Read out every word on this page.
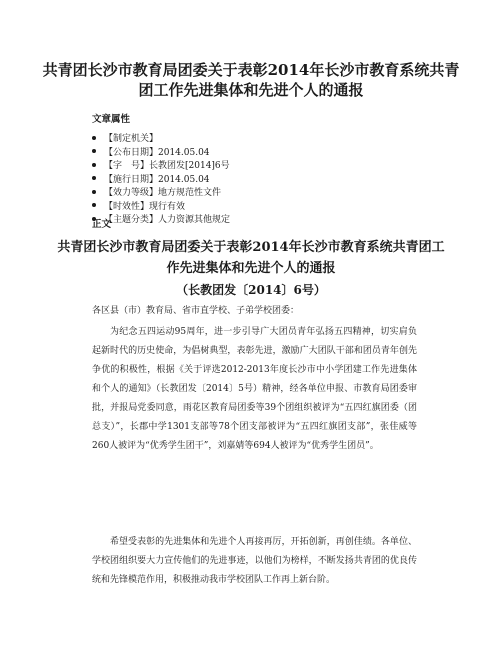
共青团长沙市教育局团委关于表彰2014年长沙市教育系统共青团工作先进集体和先进个人的通报
文章属性
【制定机关】
【公布日期】2014.05.04
【字　号】长教团发[2014]6号
【施行日期】2014.05.04
【效力等级】地方规范性文件
【时效性】现行有效
【主题分类】人力资源其他规定
正文
共青团长沙市教育局团委关于表彰2014年长沙市教育系统共青团工作先进集体和先进个人的通报
（长教团发〔2014〕6号）

各区县（市）教育局、省市直学校、子弟学校团委：

为纪念五四运动95周年，进一步引导广大团员青年弘扬五四精神，切实肩负起新时代的历史使命，为倡树典型，表彰先进，激励广大团队干部和团员青年创先争优的积极性，根据《关于评选2012-2013年度长沙市中小学团建工作先进集体和个人的通知》（长教团发〔2014〕5号）精神，经各单位申报、市教育局团委审批，并报局党委同意，雨花区教育局团委等39个团组织被评为“五四红旗团委（团总支）”，长郡中学1301支部等78个团支部被评为“五四红旗团支部”，张佳威等260人被评为“优秀学生团干”，刘嘉婧等694人被评为“优秀学生团员”。

希望受表彰的先进集体和先进个人再接再厉，开拓创新，再创佳绩。各单位、学校团组织要大力宣传他们的先进事迹，以他们为榜样，不断发扬共青团的优良传统和先锋模范作用，积极推动我市学校团队工作再上新台阶。
